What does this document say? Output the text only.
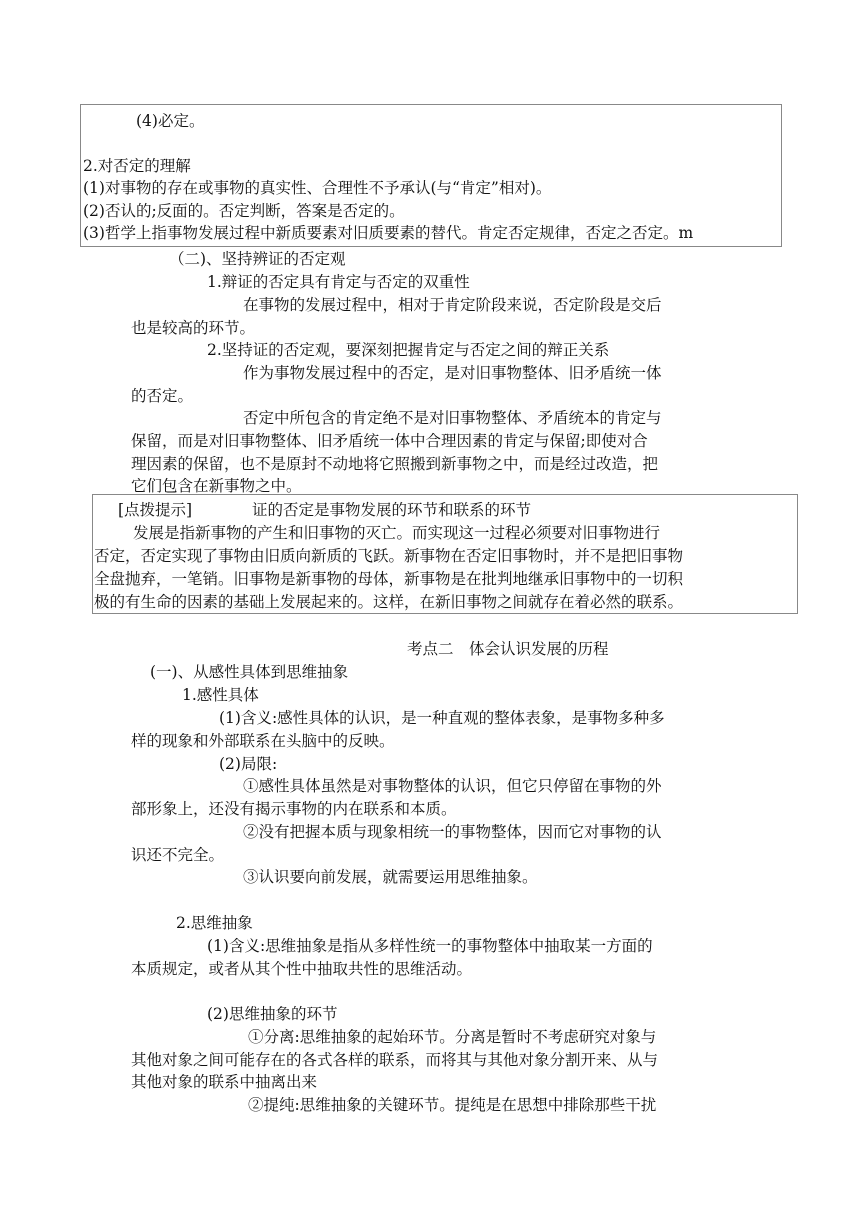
(4)必定。
2.对否定的理解
(1)对事物的存在或事物的真实性、合理性不予承认(与“肯定”相对)。
(2)否认的;反面的。否定判断，答案是否定的。
(3)哲学上指事物发展过程中新质要素对旧质要素的替代。肯定否定规律，否定之否定。m
（二)、坚持辨证的否定观
1.辩证的否定具有肯定与否定的双重性
在事物的发展过程中，相对于肯定阶段来说，否定阶段是交后
也是较高的环节。
2.坚持证的否定观，要深刻把握肯定与否定之间的辩正关系
作为事物发展过程中的否定，是对旧事物整体、旧矛盾统一体
的否定。
否定中所包含的肯定绝不是对旧事物整体、矛盾统本的肯定与
保留，而是对旧事物整体、旧矛盾统一体中合理因素的肯定与保留;即使对合
理因素的保留，也不是原封不动地将它照搬到新事物之中，而是经过改造，把
它们包含在新事物之中。
[点拨提示]	证的否定是事物发展的环节和联系的环节
发展是指新事物的产生和旧事物的灭亡。而实现这一过程必须要对旧事物进行
否定，否定实现了事物由旧质向新质的飞跃。新事物在否定旧事物时，并不是把旧事物
全盘抛弃，一笔销。旧事物是新事物的母体，新事物是在批判地继承旧事物中的一切积
极的有生命的因素的基础上发展起来的。这样，在新旧事物之间就存在着必然的联系。
考点二　体会认识发展的历程
(一)、从感性具体到思维抽象
1.感性具体
(1)含义:感性具体的认识，是一种直观的整体表象，是事物多种多
样的现象和外部联系在头脑中的反映。
(2)局限:
①感性具体虽然是对事物整体的认识，但它只停留在事物的外
部形象上，还没有揭示事物的内在联系和本质。
②没有把握本质与现象相统一的事物整体，因而它对事物的认
识还不完全。
③认识要向前发展，就需要运用思维抽象。
2.思维抽象
(1)含义:思维抽象是指从多样性统一的事物整体中抽取某一方面的
本质规定，或者从其个性中抽取共性的思维活动。
(2)思维抽象的环节
①分离:思维抽象的起始环节。分离是暂时不考虑研究对象与
其他对象之间可能存在的各式各样的联系，而将其与其他对象分割开来、从与
其他对象的联系中抽离出来
②提纯:思维抽象的关键环节。提纯是在思想中排除那些干扰
